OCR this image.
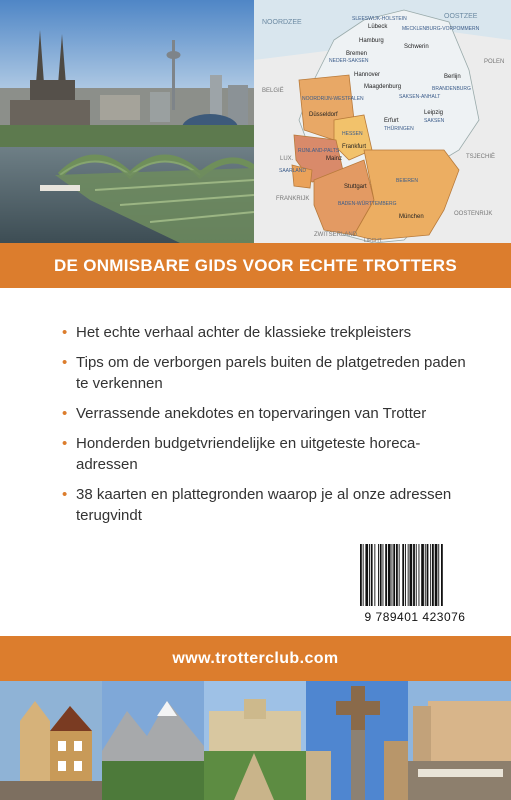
NOORDZEE
OOSTZEE
BELGIË
LUX.
FRANKRIJK
ZWITSERLAND
TSJECHIË
OOSTENRIJK
POLEN
LIECHT.
SLEESWIJK-HOLSTEIN
MECKLENBURG-VORPOMMERN
NEDER-SAKSEN
NOORDRIJN-WESTFALEN
HESSEN
RIJNLAND-PALTS
SAARLAND
BADEN-WÜRTTEMBERG
BEIEREN
SAKSEN-ANHALT
BRANDENBURG
THÜRINGEN
SAKSEN
Lübeck
Hamburg
Schwerin
Bremen
Berlijn
Hannover
Maagdenburg
Düsseldorf
Erfurt
Leipzig
Frankfurt
Mainz
Stuttgart
München
DE ONMISBARE GIDS VOOR ECHTE TROTTERS
• Het echte verhaal achter de klassieke trekpleisters
• Tips om de verborgen parels buiten de platgetreden paden te verkennen
• Verrassende anekdotes en topervaringen van Trotter
• Honderden budgetvriendelijke en uitgeteste horeca-adressen
• 38 kaarten en plattegronden waarop je al onze adressen terugvindt
9 789401 423076
www.trotterclub.com
